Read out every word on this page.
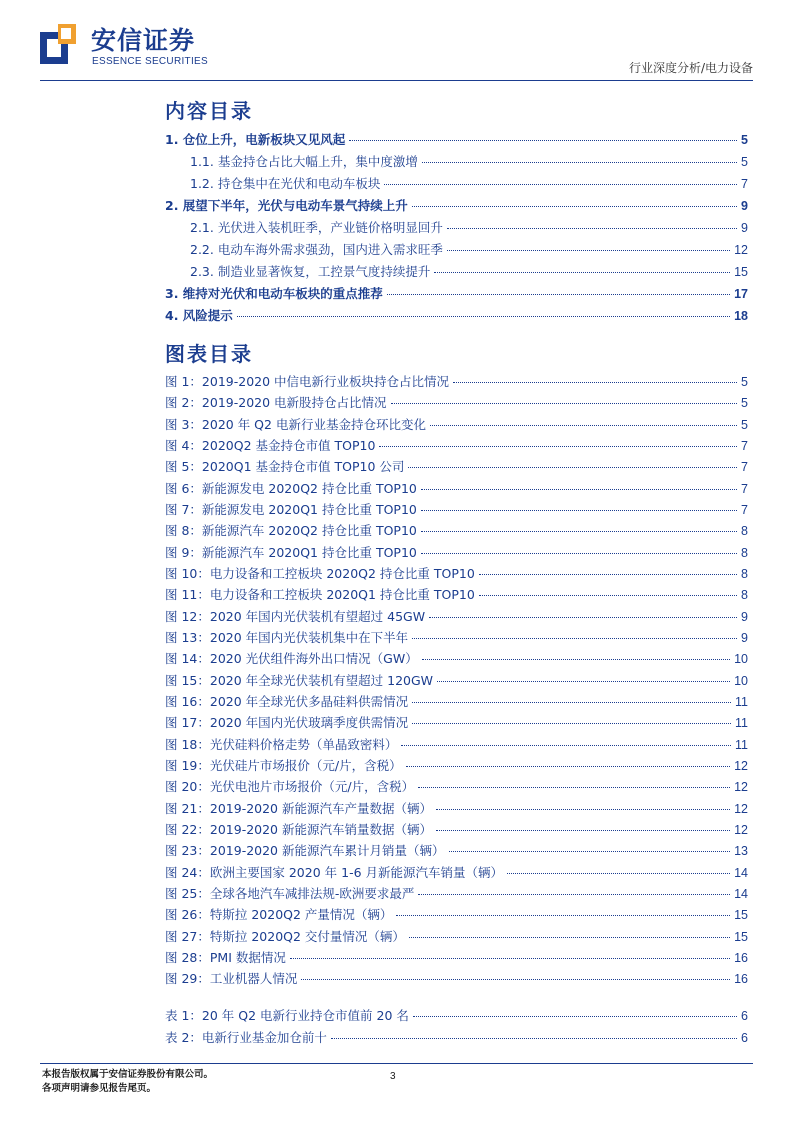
安信证券
ESSENCE SECURITIES	行业深度分析/电力设备
内容目录
1. 仓位上升，电新板块又见风起	5
1.1. 基金持仓占比大幅上升，集中度激增	5
1.2. 持仓集中在光伏和电动车板块	7
2. 展望下半年，光伏与电动车景气持续上升	9
2.1. 光伏进入装机旺季，产业链价格明显回升	9
2.2. 电动车海外需求强劲，国内进入需求旺季	12
2.3. 制造业显著恢复，工控景气度持续提升	15
3. 维持对光伏和电动车板块的重点推荐	17
4. 风险提示	18
图表目录
图 1：2019-2020 中信电新行业板块持仓占比情况	5
图 2：2019-2020 电新股持仓占比情况	5
图 3：2020 年 Q2 电新行业基金持仓环比变化	5
图 4：2020Q2 基金持仓市值 TOP10	7
图 5：2020Q1 基金持仓市值 TOP10 公司	7
图 6：新能源发电 2020Q2 持仓比重 TOP10	7
图 7：新能源发电 2020Q1 持仓比重 TOP10	7
图 8：新能源汽车 2020Q2 持仓比重 TOP10	8
图 9：新能源汽车 2020Q1 持仓比重 TOP10	8
图 10：电力设备和工控板块 2020Q2 持仓比重 TOP10	8
图 11：电力设备和工控板块 2020Q1 持仓比重 TOP10	8
图 12：2020 年国内光伏装机有望超过 45GW	9
图 13：2020 年国内光伏装机集中在下半年	9
图 14：2020 光伏组件海外出口情况（GW）	10
图 15：2020 年全球光伏装机有望超过 120GW	10
图 16：2020 年全球光伏多晶硅料供需情况	11
图 17：2020 年国内光伏玻璃季度供需情况	11
图 18：光伏硅料价格走势（单晶致密料）	11
图 19：光伏硅片市场报价（元/片，含税）	12
图 20：光伏电池片市场报价（元/片，含税）	12
图 21：2019-2020 新能源汽车产量数据（辆）	12
图 22：2019-2020 新能源汽车销量数据（辆）	12
图 23：2019-2020 新能源汽车累计月销量（辆）	13
图 24：欧洲主要国家 2020 年 1-6 月新能源汽车销量（辆）	14
图 25：全球各地汽车减排法规-欧洲要求最严	14
图 26：特斯拉 2020Q2 产量情况（辆）	15
图 27：特斯拉 2020Q2 交付量情况（辆）	15
图 28：PMI 数据情况	16
图 29：工业机器人情况	16
表 1：20 年 Q2 电新行业持仓市值前 20 名	6
表 2：电新行业基金加仓前十	6
本报告版权属于安信证券股份有限公司。
各项声明请参见报告尾页。
3
